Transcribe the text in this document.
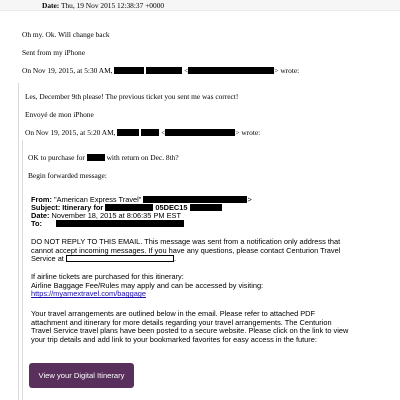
Date: Thu, 19 Nov 2015 12:38:37 +0000
Oh my. Ok. Will change back
Sent from my iPhone
On Nov 19, 2015, at 5:30 AM,	<	> wrote:
Les, December 9th please! The previous ticket you sent me was correct!
Envoyé de mon iPhone
On Nov 19, 2015, at 5:20 AM,	<	> wrote:
OK to purchase for	with return on Dec. 8th?
Begin forwarded message:
From: "American Express Travel"	>
Subject: Itinerary for	05DEC15
Date: November 18, 2015 at 8:06:35 PM EST
To:
DO NOT REPLY TO THIS EMAIL. This message was sent from a notification only address that
cannot accept incoming messages. If you have any questions, please contact Centurion Travel
Service at	.
If airline tickets are purchased for this itinerary:
Airline Baggage Fee/Rules may apply and can be accessed by visiting:
https://myamextravel.com/baggage
Your travel arrangements are outlined below in the email. Please refer to attached PDF
attachment and itinerary for more details regarding your travel arrangements. The Centurion
Travel Service travel plans have been posted to a secure website. Please click on the link to view
your trip details and add link to your bookmarked favorites for easy access in the future:
View your Digital Itinerary
